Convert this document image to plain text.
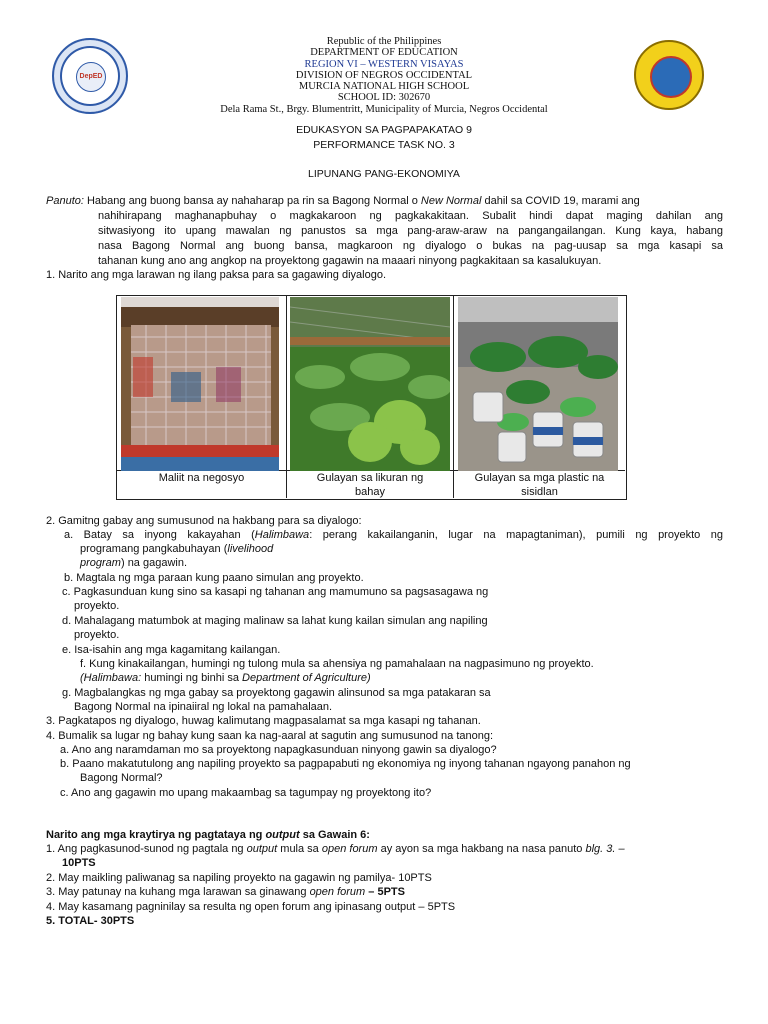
DepED
Republic of the Philippines
DEPARTMENT OF EDUCATION
REGION VI – WESTERN VISAYAS
DIVISION OF NEGROS OCCIDENTAL
MURCIA NATIONAL HIGH SCHOOL
SCHOOL ID: 302670
Dela Rama St., Brgy. Blumentritt, Municipality of Murcia, Negros Occidental
EDUKASYON SA PAGPAPAKATAO 9
PERFORMANCE TASK NO. 3
LIPUNANG PANG-EKONOMIYA
Panuto: Habang ang buong bansa ay nahaharap pa rin sa Bagong Normal o New Normal dahil sa COVID 19, marami ang
nahihirapang maghanapbuhay o magkakaroon ng pagkakakitaan. Subalit hindi dapat maging dahilan ang
sitwasiyong ito upang mawalan ng panustos sa mga pang-araw-araw na pangangailangan. Kung kaya, habang
nasa Bagong Normal ang buong bansa, magkaroon ng diyalogo o bukas na pag-uusap sa mga kasapi sa
tahanan kung ano ang angkop na proyektong gagawin na maaari ninyong pagkakitaan sa kasalukuyan.
1. Narito ang mga larawan ng ilang paksa para sa gagawing diyalogo.
Maliit na negosyo	Gulayan sa likuran ng
bahay
Gulayan sa mga plastic na
sisidlan
2. Gamitng gabay ang sumusunod na hakbang para sa diyalogo:
a. Batay sa inyong kakayahan (Halimbawa: perang kakailanganin, lugar na mapagtaniman), pumili ng proyekto ng
programang pangkabuhayan (livelihood
program) na gagawin.
b. Magtala ng mga paraan kung paano simulan ang proyekto.
c. Pagkasunduan kung sino sa kasapi ng tahanan ang mamumuno sa pagsasagawa ng
proyekto.
d. Mahalagang matumbok at maging malinaw sa lahat kung kailan simulan ang napiling
proyekto.
e. Isa-isahin ang mga kagamitang kailangan.
f. Kung kinakailangan, humingi ng tulong mula sa ahensiya ng pamahalaan na nagpasimuno ng proyekto.
(Halimbawa: humingi ng binhi sa Department of Agriculture)
g. Magbalangkas ng mga gabay sa proyektong gagawin alinsunod sa mga patakaran sa
Bagong Normal na ipinaiiral ng lokal na pamahalaan.
3. Pagkatapos ng diyalogo, huwag kalimutang magpasalamat sa mga kasapi ng tahanan.
4. Bumalik sa lugar ng bahay kung saan ka nag-aaral at sagutin ang sumusunod na tanong:
a. Ano ang naramdaman mo sa proyektong napagkasunduan ninyong gawin sa diyalogo?
b. Paano makatutulong ang napiling proyekto sa pagpapabuti ng ekonomiya ng inyong tahanan ngayong panahon ng
Bagong Normal?
c. Ano ang gagawin mo upang makaambag sa tagumpay ng proyektong ito?
Narito ang mga kraytirya ng pagtataya ng output sa Gawain 6:
1. Ang pagkasunod-sunod ng pagtala ng output mula sa open forum ay ayon sa mga hakbang na nasa panuto blg. 3. –
10PTS
2. May maikling paliwanag sa napiling proyekto na gagawin ng pamilya- 10PTS
3. May patunay na kuhang mga larawan sa ginawang open forum – 5PTS
4. May kasamang pagninilay sa resulta ng open forum ang ipinasang output – 5PTS
5. TOTAL- 30PTS
